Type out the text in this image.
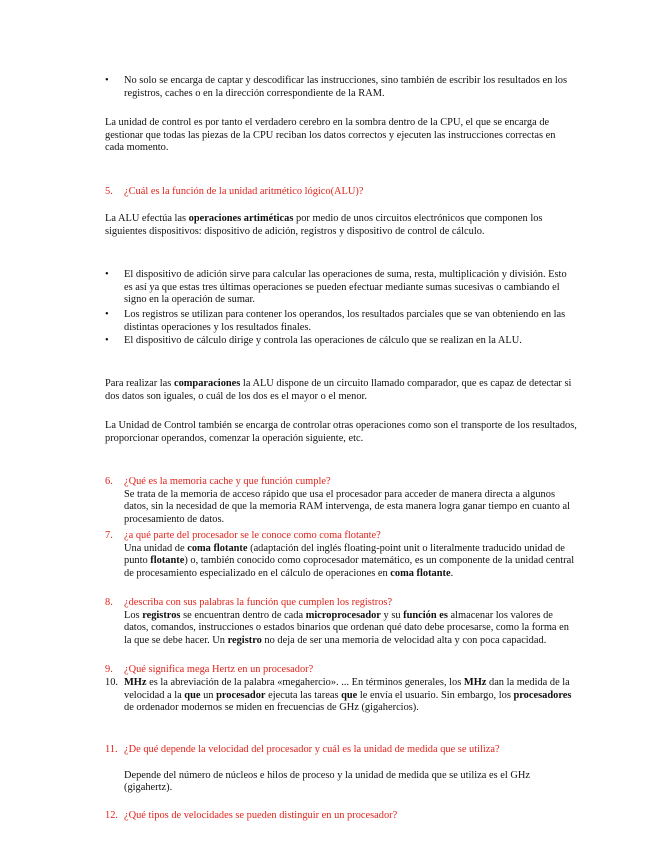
•	No solo se encarga de captar y descodificar las instrucciones, sino también de escribir los resultados en los registros, caches o en la dirección correspondiente de la RAM.
La unidad de control es por tanto el verdadero cerebro en la sombra dentro de la CPU, el que se encarga de gestionar que todas las piezas de la CPU reciban los datos correctos y ejecuten las instrucciones correctas en cada momento.
5.	¿Cuál es la función de la unidad aritmético lógico(ALU)?
La ALU efectúa las operaciones artiméticas por medio de unos circuitos electrónicos que componen los siguientes dispositivos: dispositivo de adición, registros y dispositivo de control de cálculo.
•	El dispositivo de adición sirve para calcular las operaciones de suma, resta, multiplicación y división. Esto es así ya que estas tres últimas operaciones se pueden efectuar mediante sumas sucesivas o cambiando el signo en la operación de sumar.
•	Los registros se utilizan para contener los operandos, los resultados parciales que se van obteniendo en las distintas operaciones y los resultados finales.
•	El dispositivo de cálculo dirige y controla las operaciones de cálculo que se realizan en la ALU.
Para realizar las comparaciones la ALU dispone de un circuito llamado comparador, que es capaz de detectar si dos datos son iguales, o cuál de los dos es el mayor o el menor.
La Unidad de Control también se encarga de controlar otras operaciones como son el transporte de los resultados, proporcionar operandos, comenzar la operación siguiente, etc.
6.	¿Qué es la memoria cache y que función cumple?
Se trata de la memoria de acceso rápido que usa el procesador para acceder de manera directa a algunos datos, sin la necesidad de que la memoria RAM intervenga, de esta manera logra ganar tiempo en cuanto al procesamiento de datos.
7.	¿a qué parte del procesador se le conoce como coma flotante?
Una unidad de coma flotante (adaptación del inglés floating-point unit o literalmente traducido unidad de punto flotante) o, también conocido como coprocesador matemático, es un componente de la unidad central de procesamiento especializado en el cálculo de operaciones en coma flotante.
8.	¿describa con sus palabras la función que cumplen los registros?
Los registros se encuentran dentro de cada microprocesador y su función es almacenar los valores de datos, comandos, instrucciones o estados binarios que ordenan qué dato debe procesarse, como la forma en la que se debe hacer. Un registro no deja de ser una memoria de velocidad alta y con poca capacidad.
9.	¿Qué significa mega Hertz en un procesador?
10. MHz es la abreviación de la palabra «megahercio». ... En términos generales, los MHz dan la medida de la velocidad a la que un procesador ejecuta las tareas que le envía el usuario. Sin embargo, los procesadores de ordenador modernos se miden en frecuencias de GHz (gigahercios).
11. ¿De qué depende la velocidad del procesador y cuál es la unidad de medida que se utiliza?
Depende del número de núcleos e hilos de proceso y la unidad de medida que se utiliza es el GHz (gigahertz).
12. ¿Qué tipos de velocidades se pueden distinguir en un procesador?
